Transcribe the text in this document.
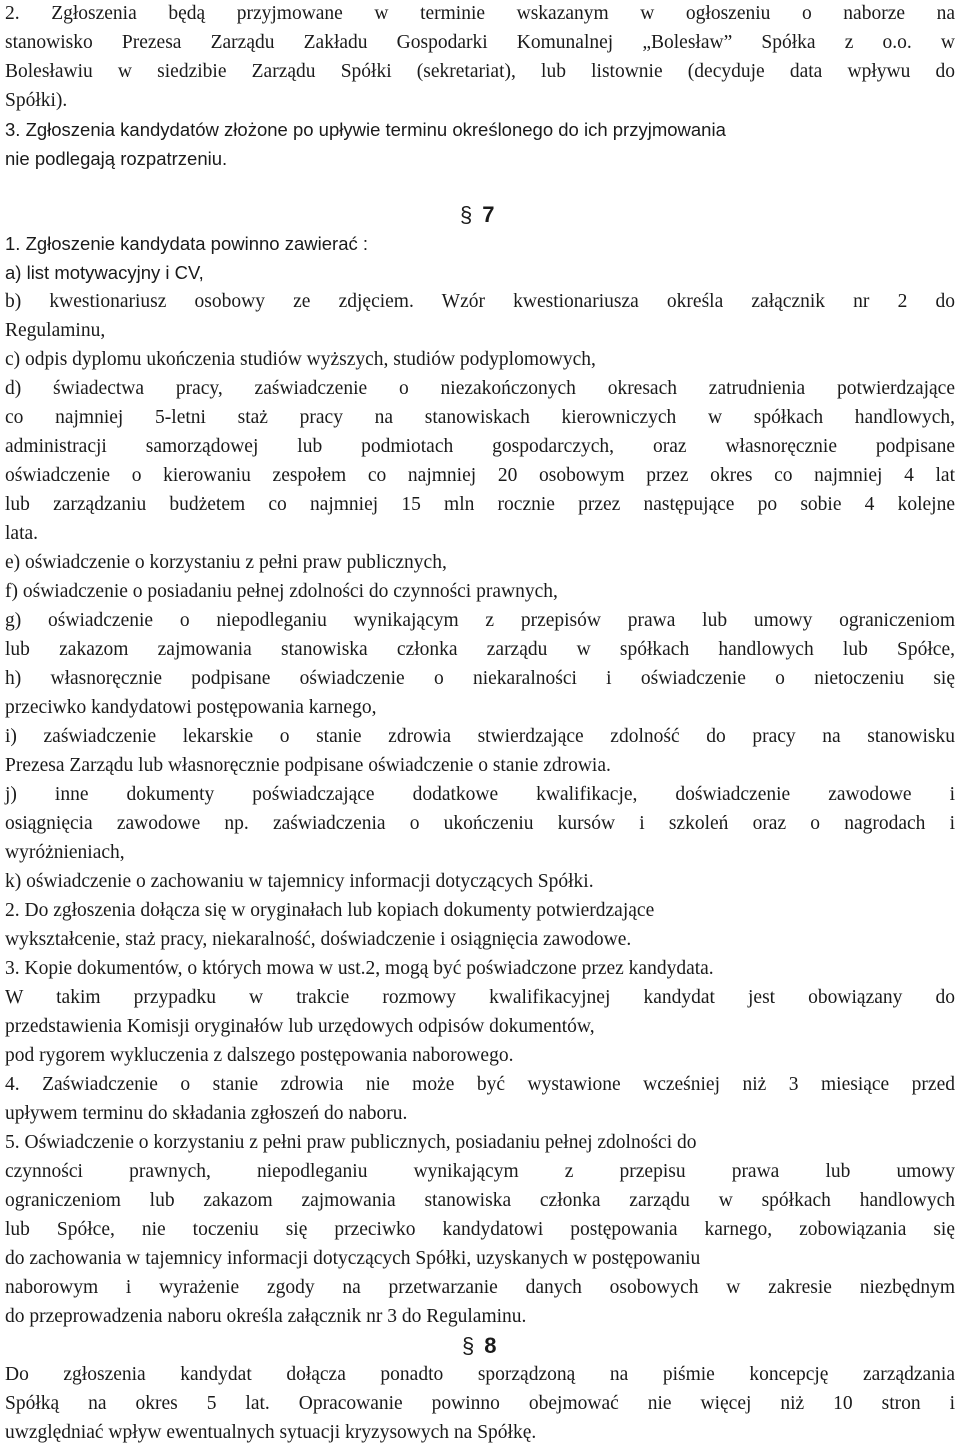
2. Zgłoszenia będą przyjmowane w terminie wskazanym w ogłoszeniu o naborze na
stanowisko Prezesa Zarządu Zakładu Gospodarki Komunalnej „Bolesław” Spółka z o.o. w
Bolesławiu w siedzibie Zarządu Spółki (sekretariat), lub listownie (decyduje data wpływu do
Spółki).
3. Zgłoszenia kandydatów złożone po upływie terminu określonego do ich przyjmowania
nie podlegają rozpatrzeniu.
§ 7
1. Zgłoszenie kandydata powinno zawierać :
a) list motywacyjny i CV,
b) kwestionariusz osobowy ze zdjęciem. Wzór kwestionariusza określa załącznik nr 2 do
Regulaminu,
c) odpis dyplomu ukończenia studiów wyższych, studiów podyplomowych,
d) świadectwa pracy, zaświadczenie o niezakończonych okresach zatrudnienia potwierdzające
co najmniej 5-letni staż pracy na stanowiskach kierowniczych w spółkach handlowych,
administracji samorządowej lub podmiotach gospodarczych, oraz własnoręcznie podpisane
oświadczenie o kierowaniu zespołem co najmniej 20 osobowym przez okres co najmniej 4 lat
lub zarządzaniu budżetem co najmniej 15 mln rocznie przez następujące po sobie 4 kolejne
lata.
e) oświadczenie o korzystaniu z pełni praw publicznych,
f) oświadczenie o posiadaniu pełnej zdolności do czynności prawnych,
g) oświadczenie o niepodleganiu wynikającym z przepisów prawa lub umowy ograniczeniom
lub zakazom zajmowania stanowiska członka zarządu w spółkach handlowych lub Spółce,
h) własnoręcznie podpisane oświadczenie o niekaralności i oświadczenie o nietoczeniu się
przeciwko kandydatowi postępowania karnego,
i) zaświadczenie lekarskie o stanie zdrowia stwierdzające zdolność do pracy na stanowisku
Prezesa Zarządu lub własnoręcznie podpisane oświadczenie o stanie zdrowia.
j) inne dokumenty poświadczające dodatkowe kwalifikacje, doświadczenie zawodowe i
osiągnięcia zawodowe np. zaświadczenia o ukończeniu kursów i szkoleń oraz o nagrodach i
wyróżnieniach,
k) oświadczenie o zachowaniu w tajemnicy informacji dotyczących Spółki.
2. Do zgłoszenia dołącza się w oryginałach lub kopiach dokumenty potwierdzające
wykształcenie, staż pracy, niekaralność, doświadczenie i osiągnięcia zawodowe.
3. Kopie dokumentów, o których mowa w ust.2, mogą być poświadczone przez kandydata.
W takim przypadku w trakcie rozmowy kwalifikacyjnej kandydat jest obowiązany do
przedstawienia Komisji oryginałów lub urzędowych odpisów dokumentów,
pod rygorem wykluczenia z dalszego postępowania naborowego.
4. Zaświadczenie o stanie zdrowia nie może być wystawione wcześniej niż 3 miesiące przed
upływem terminu do składania zgłoszeń do naboru.
5. Oświadczenie o korzystaniu z pełni praw publicznych, posiadaniu pełnej zdolności do
czynności prawnych, niepodleganiu wynikającym z przepisu prawa lub umowy
ograniczeniom lub zakazom zajmowania stanowiska członka zarządu w spółkach handlowych
lub Spółce, nie toczeniu się przeciwko kandydatowi postępowania karnego, zobowiązania się
do zachowania w tajemnicy informacji dotyczących Spółki, uzyskanych w postępowaniu
naborowym i wyrażenie zgody na przetwarzanie danych osobowych w zakresie niezbędnym
do przeprowadzenia naboru określa załącznik nr 3 do Regulaminu.
§ 8
Do zgłoszenia kandydat dołącza ponadto sporządzoną na piśmie koncepcję zarządzania
Spółką na okres 5 lat. Opracowanie powinno obejmować nie więcej niż 10 stron i
uwzględniać wpływ ewentualnych sytuacji kryzysowych na Spółkę.
